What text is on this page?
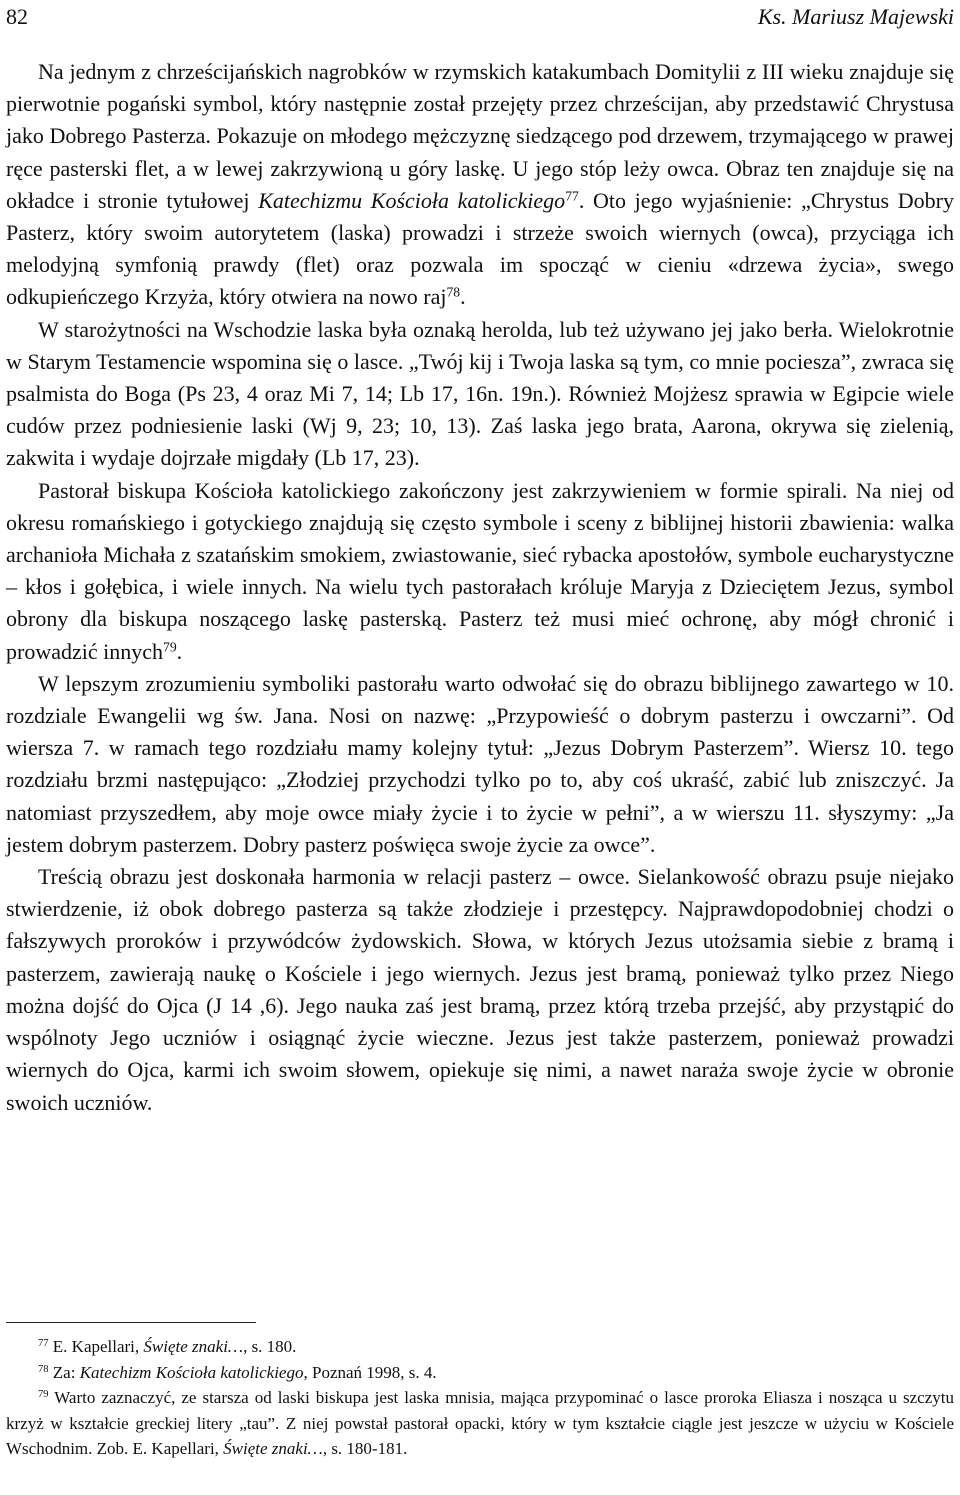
82	Ks. Mariusz Majewski

Na jednym z chrześcijańskich nagrobków w rzymskich katakumbach Domitylii z III wieku znajduje się pierwotnie pogański symbol, który następnie został przejęty przez chrześcijan, aby przedstawić Chrystusa jako Dobrego Pasterza. Pokazuje on młodego mężczyznę siedzącego pod drzewem, trzymającego w prawej ręce pasterski flet, a w lewej zakrzywioną u góry laskę. U jego stóp leży owca. Obraz ten znajduje się na okładce i stronie tytułowej Katechizmu Kościoła katolickiego$^{77}$. Oto jego wyjaśnienie: „Chrystus Dobry Pasterz, który swoim autorytetem (laska) prowadzi i strzeże swoich wiernych (owca), przyciąga ich melodyjną symfonią prawdy (flet) oraz pozwala im spocząć w cieniu «drzewa życia», swego odkupieńczego Krzyża, który otwiera na nowo raj$^{78}$.

W starożytności na Wschodzie laska była oznaką herolda, lub też używano jej jako berła. Wielokrotnie w Starym Testamencie wspomina się o lasce. „Twój kij i Twoja laska są tym, co mnie pociesza”, zwraca się psalmista do Boga (Ps 23, 4 oraz Mi 7, 14; Lb 17, 16n. 19n.). Również Mojżesz sprawia w Egipcie wiele cudów przez podniesienie laski (Wj 9, 23; 10, 13). Zaś laska jego brata, Aarona, okrywa się zielenią, zakwita i wydaje dojrzałe migdały (Lb 17, 23).

Pastorał biskupa Kościoła katolickiego zakończony jest zakrzywieniem w formie spirali. Na niej od okresu romańskiego i gotyckiego znajdują się często symbole i sceny z biblijnej historii zbawienia: walka archanioła Michała z szatańskim smokiem, zwiastowanie, sieć rybacka apostołów, symbole eucharystyczne – kłos i gołębica, i wiele innych. Na wielu tych pastorałach króluje Maryja z Dzieciętem Jezus, symbol obrony dla biskupa noszącego laskę pasterską. Pasterz też musi mieć ochronę, aby mógł chronić i prowadzić innych$^{79}$.

W lepszym zrozumieniu symboliki pastorału warto odwołać się do obrazu biblijnego zawartego w 10. rozdziale Ewangelii wg św. Jana. Nosi on nazwę: „Przypowieść o dobrym pasterzu i owczarni”. Od wiersza 7. w ramach tego rozdziału mamy kolejny tytuł: „Jezus Dobrym Pasterzem”. Wiersz 10. tego rozdziału brzmi następująco: „Złodziej przychodzi tylko po to, aby coś ukraść, zabić lub zniszczyć. Ja natomiast przyszedłem, aby moje owce miały życie i to życie w pełni”, a w wierszu 11. słyszymy: „Ja jestem dobrym pasterzem. Dobry pasterz poświęca swoje życie za owce”.

Treścią obrazu jest doskonała harmonia w relacji pasterz – owce. Sielankowość obrazu psuje niejako stwierdzenie, iż obok dobrego pasterza są także złodzieje i przestępcy. Najprawdopodobniej chodzi o fałszywych proroków i przywódców żydowskich. Słowa, w których Jezus utożsamia siebie z bramą i pasterzem, zawierają naukę o Kościele i jego wiernych. Jezus jest bramą, ponieważ tylko przez Niego można dojść do Ojca (J 14 ,6). Jego nauka zaś jest bramą, przez którą trzeba przejść, aby przystąpić do wspólnoty Jego uczniów i osiągnąć życie wieczne. Jezus jest także pasterzem, ponieważ prowadzi wiernych do Ojca, karmi ich swoim słowem, opiekuje się nimi, a nawet naraża swoje życie w obronie swoich uczniów.

$^{77}$ E. Kapellari, Święte znaki…, s. 180.

$^{78}$ Za: Katechizm Kościoła katolickiego, Poznań 1998, s. 4.

$^{79}$ Warto zaznaczyć, ze starsza od laski biskupa jest laska mnisia, mająca przypominać o lasce proroka Eliasza i nosząca u szczytu krzyż w kształcie greckiej litery „tau”. Z niej powstał pastorał opacki, który w tym kształcie ciągle jest jeszcze w użyciu w Kościele Wschodnim. Zob. E. Kapellari, Święte znaki…, s. 180-181.
